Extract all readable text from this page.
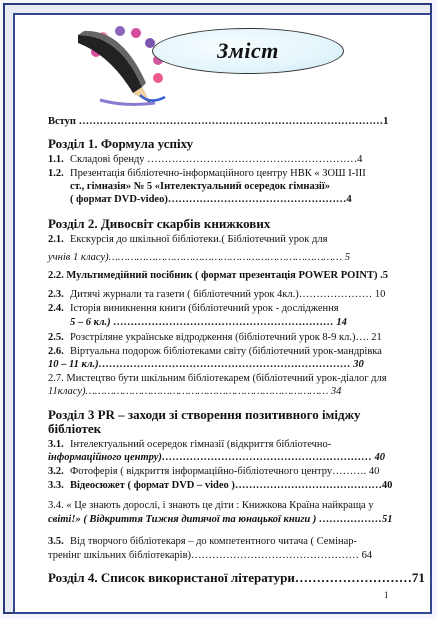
Зміст
Вступ ……………………………………………………………………………1
Розділ 1. Формула успіху
1.1. Складові бренду ……………………………………………………4
1.2. Презентація бібліотечно-інформаційного центру НВК « ЗОШ І-ІІІ
ст., гімназія» № 5 «Інтелектуальний осередок гімназії»
( формат DVD-video)……………………………………………4
Розділ 2. Дивосвіт скарбів книжкових
2.1. Екскурсія до шкільної бібліотеки.( Бібліотечний урок для
учнів 1 класу)………………………………………………………………… 5
2.2. Мультимедійний посібник ( формат презентація POWER POINT) .5
2.3. Дитячі журнали та газети ( бібліотечний урок 4кл.)………………… 10
2.4. Історія виникнення книги (бібліотечний урок - дослідження
5 – 6 кл.) ……………………………………………………… 14
2.5. Розстріляне українське відродження (бібліотечний урок 8-9 кл.)…. 21
2.6. Віртуальна подорож бібліотеками світу (бібліотечний урок-мандрівка
10 – 11 кл.)……………………………………………………………… 30
2.7. Мистецтво бути шкільним бібліотекарем (бібліотечний урок-діалог для
11класу)…………………………………………………………………… 34
Розділ 3 PR – заходи зі створення позитивного іміджу
бібліотек
3.1. Інтелектуальний осередок гімназії (відкриття бібліотечно-
інформаційного центру)…………………………………………………… 40
3.2. Фотоферія ( відкриття інформаційно-бібліотечного центру………. 40
3.3. Відеосюжет ( формат DVD – video )……………………………………40
3.4. « Це знають дорослі, і знають це діти : Книжкова Країна найкраща у
світі!» ( Відкриття Тижня дитячої та юнацької книги ) ………………51
3.5. Від творчого бібліотекаря – до компетентного читача ( Семінар-
тренінг шкільних бібліотекарів)………………………………………… 64
Розділ 4. Список використаної літератури………………………71
1
